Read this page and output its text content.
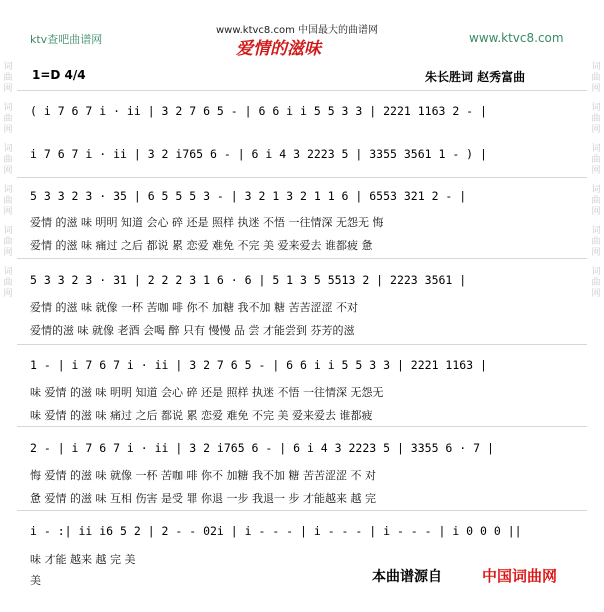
词
曲
网
词
曲
网
词
曲
网
词
曲
网
词
曲
网
词
曲
网
词
曲
网
词
曲
网
词
曲
网
词
曲
网
词
曲
网
词
曲
网
ktv查吧曲谱网
www.ktvc8.com 中国最大的曲谱网
爱情的滋味
www.ktvc8.com
1=D 4/4	朱长胜词 赵秀富曲
( i 7 6 7 i · ii | 3 2 7 6 5 - | 6 6 i i 5 5 3 3 | 2221 1163 2 - |
i 7 6 7 i · ii | 3 2 i765 6 - | 6 i 4 3 2223 5 | 3355 3561 1 - ) |
5 3 3 2 3 · 35 | 6 5 5 5 3 - | 3 2 1 3 2 1 1 6 | 6553 321 2 - |
爱情 的滋 味 明明 知道 会心 碎 还是 照样 执迷 不悟 一往情深 无怨无 悔
爱情 的滋 味 痛过 之后 都说 累 恋爱 难免 不完 美 爱来爱去 谁都疲 惫
5 3 3 2 3 · 31 | 2 2 2 3 1 6 · 6 | 5 1 3 5 5513 2 | 2223 3561 |
爱情 的滋 味 就像 一杯 苦咖 啡 你不 加糖 我不加 糖 苦苦涩涩 不对
爱情的滋 味 就像 老酒 会喝 醉 只有 慢慢 品 尝 才能尝到 芬芳的滋
1 - | i 7 6 7 i · ii | 3 2 7 6 5 - | 6 6 i i 5 5 3 3 | 2221 1163 |
味 爱情 的滋 味 明明 知道 会心 碎 还是 照样 执迷 不悟 一往情深 无怨无
味 爱情 的滋 味 痛过 之后 都说 累 恋爱 难免 不完 美 爱来爱去 谁都疲
2 - | i 7 6 7 i · ii | 3 2 i765 6 - | 6 i 4 3 2223 5 | 3355 6 · 7 |
悔 爱情 的滋 味 就像 一杯 苦咖 啡 你不 加糖 我不加 糖 苦苦涩涩 不 对
惫 爱情 的滋 味 互相 伤害 是受 罪 你退 一步 我退一 步 才能越来 越 完
i - :| ii i6 5 2 | 2 - - 02i | i - - - | i - - - | i - - - | i 0 0 0 ||
味 才能 越来 越 完 美
美	本曲谱源自	中国词曲网
